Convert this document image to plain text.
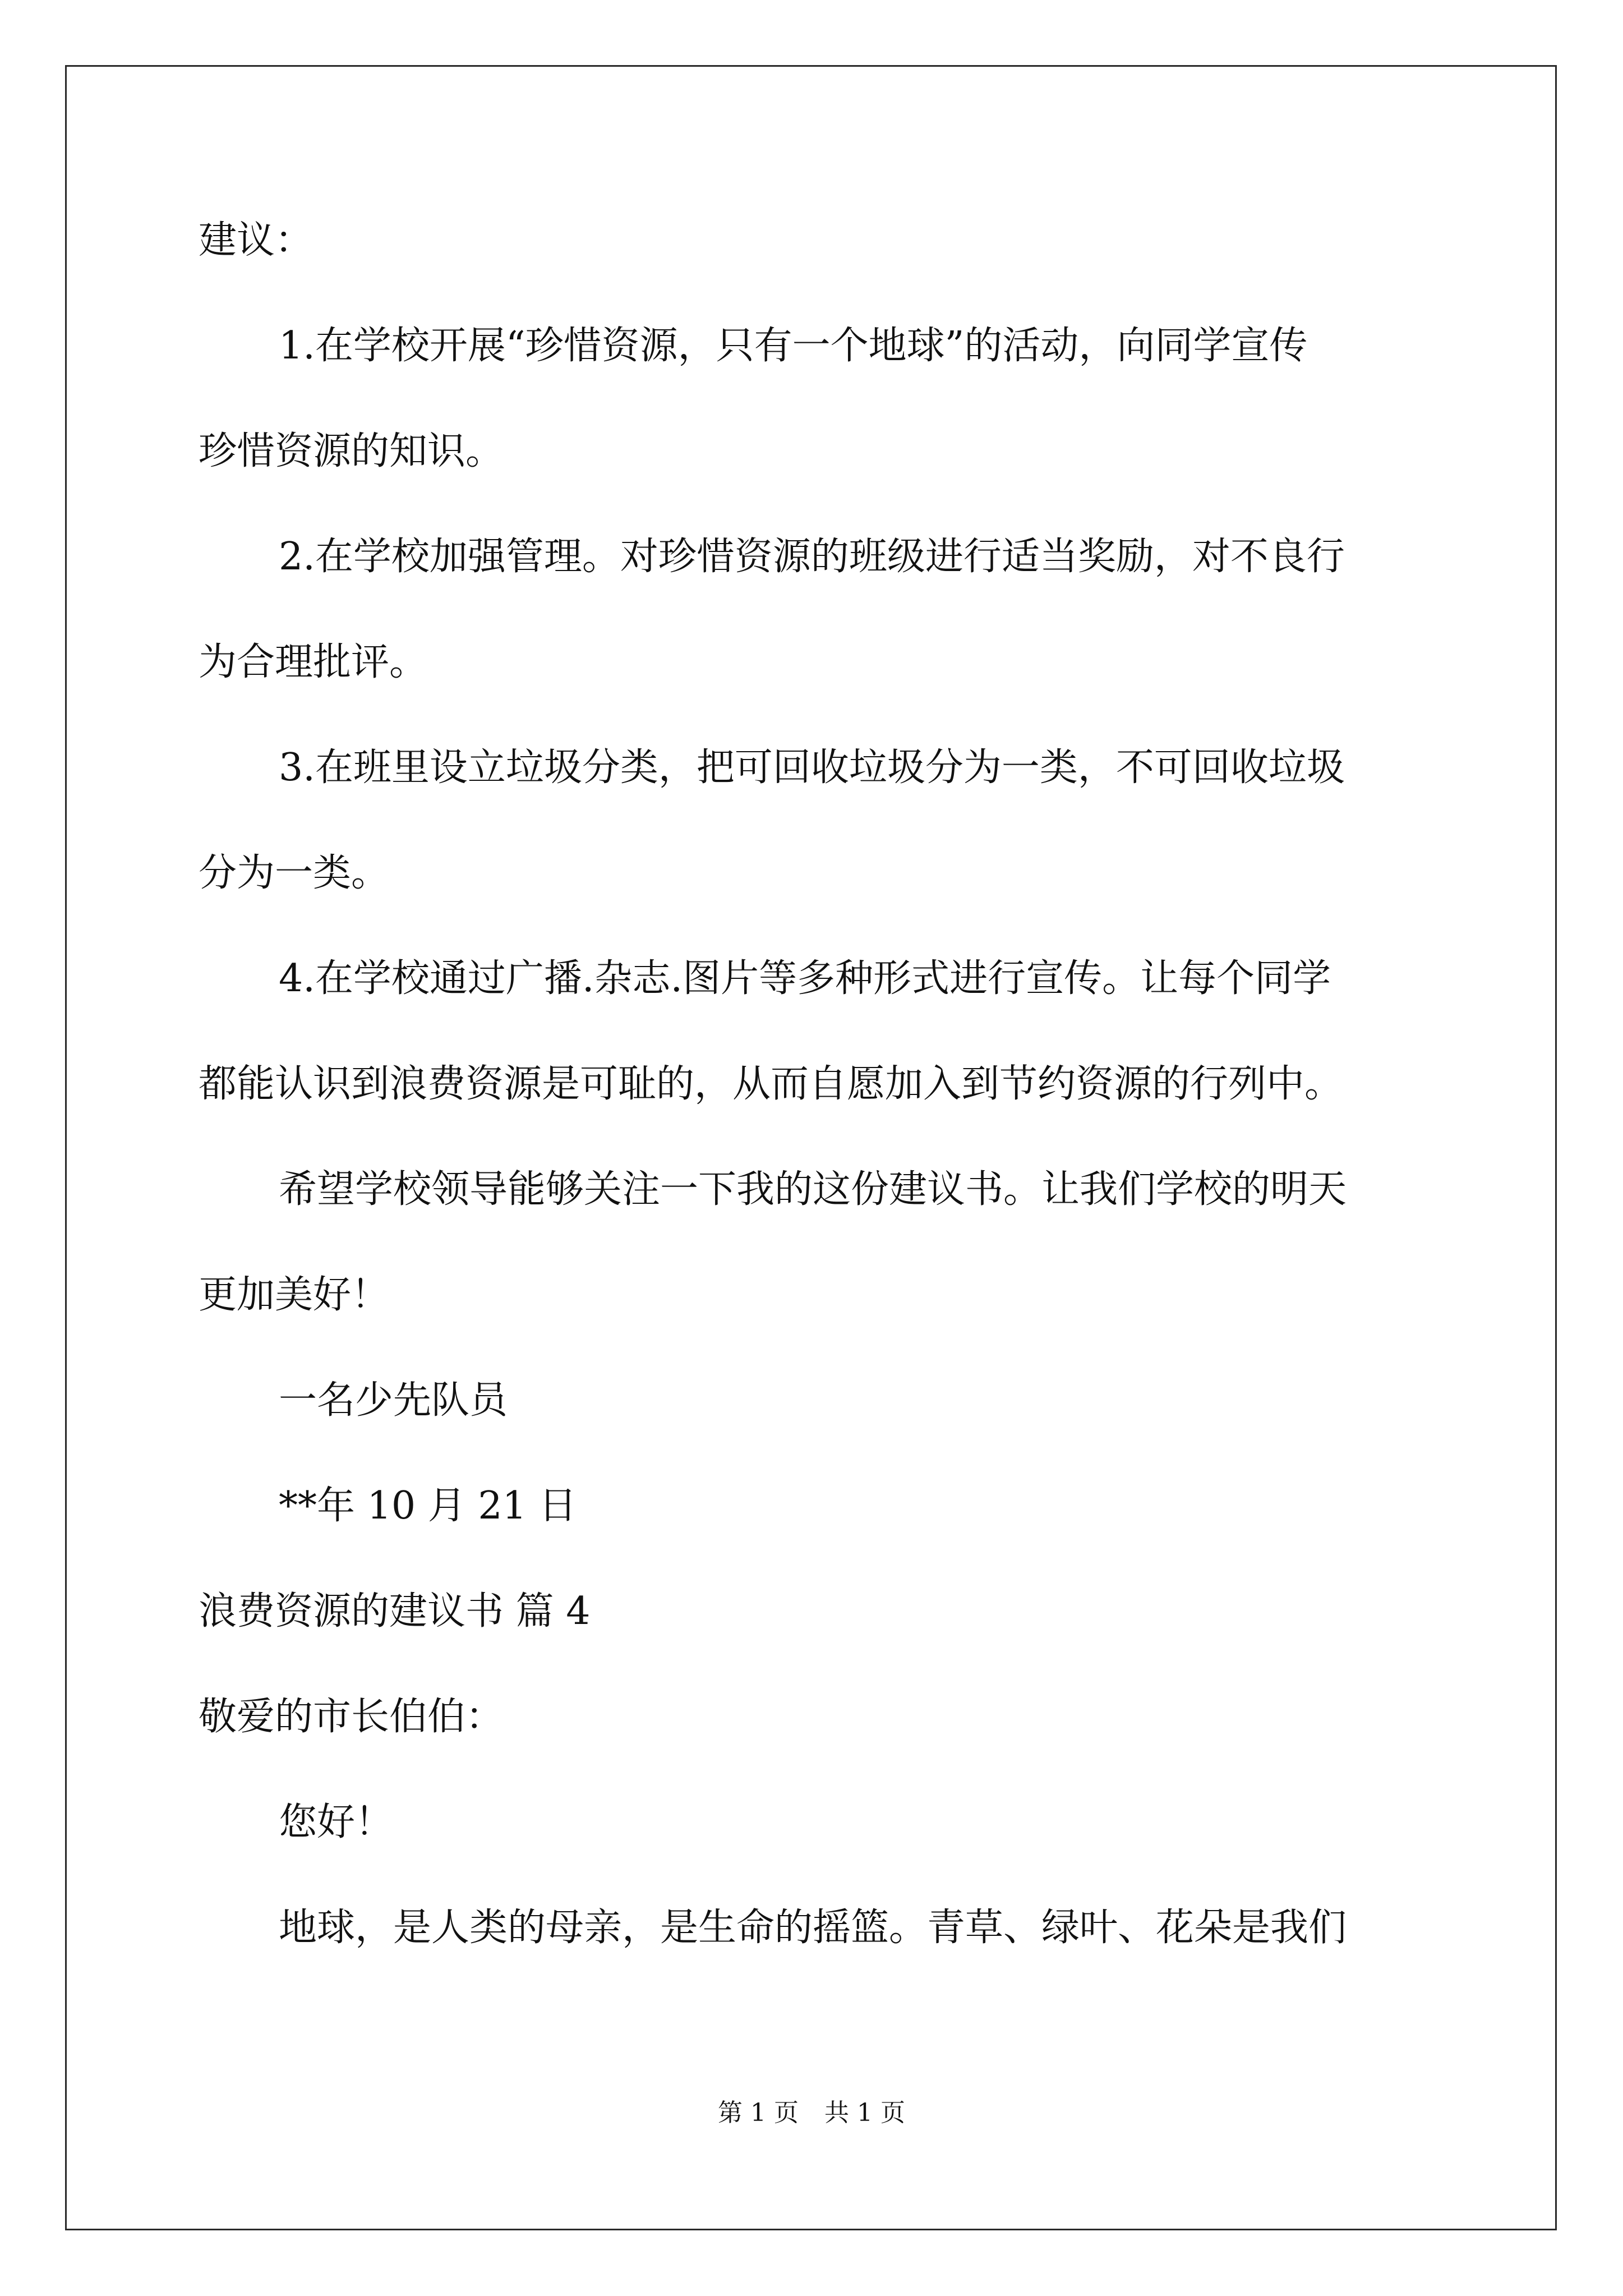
建议：
1.在学校开展“珍惜资源，只有一个地球”的活动，向同学宣传
珍惜资源的知识。
2.在学校加强管理。对珍惜资源的班级进行适当奖励，对不良行
为合理批评。
3.在班里设立垃圾分类，把可回收垃圾分为一类，不可回收垃圾
分为一类。
4.在学校通过广播.杂志.图片等多种形式进行宣传。让每个同学
都能认识到浪费资源是可耻的，从而自愿加入到节约资源的行列中。
希望学校领导能够关注一下我的这份建议书。让我们学校的明天
更加美好！
一名少先队员
**年 10 月 21 日
浪费资源的建议书 篇 4
敬爱的市长伯伯：
您好！
地球，是人类的母亲，是生命的摇篮。青草、绿叶、花朵是我们
第 1 页 共 1 页
